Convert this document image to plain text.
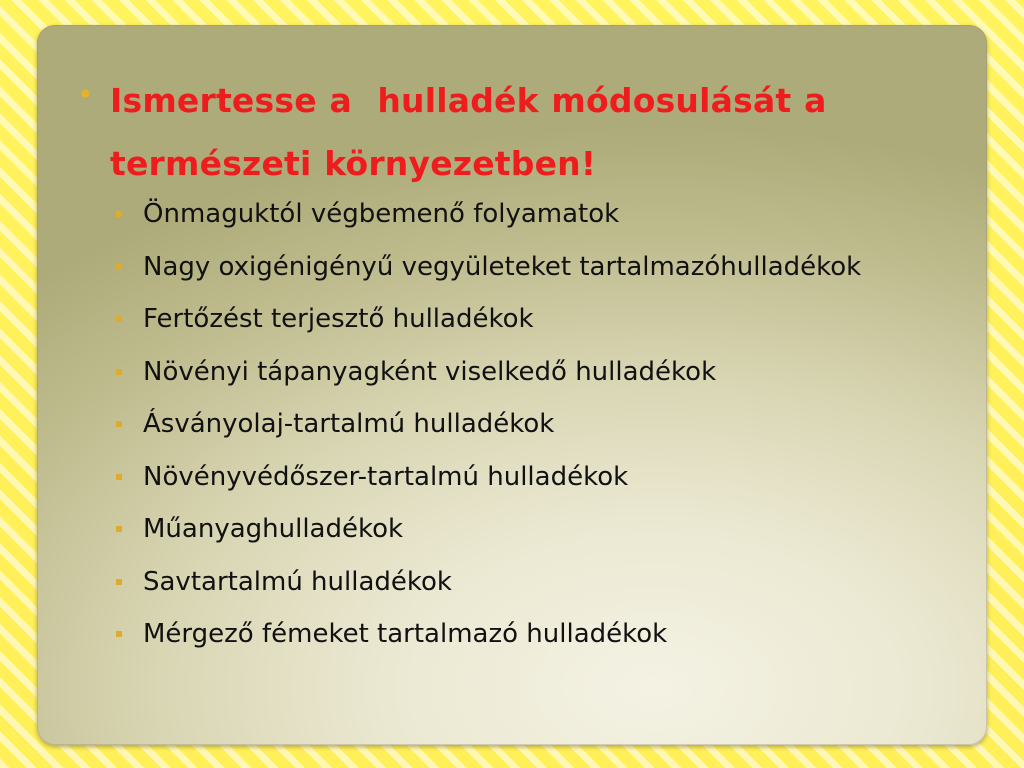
• Ismertesse a  hulladék módosulását a természeti környezetben!
Önmaguktól végbemenő folyamatok
Nagy oxigénigényű vegyületeket tartalmazóhulladékok
Fertőzést terjesztő hulladékok
Növényi tápanyagként viselkedő hulladékok
Ásványolaj-tartalmú hulladékok
Növényvédőszer-tartalmú hulladékok
Műanyaghulladékok
Savtartalmú hulladékok
Mérgező fémeket tartalmazó hulladékok
